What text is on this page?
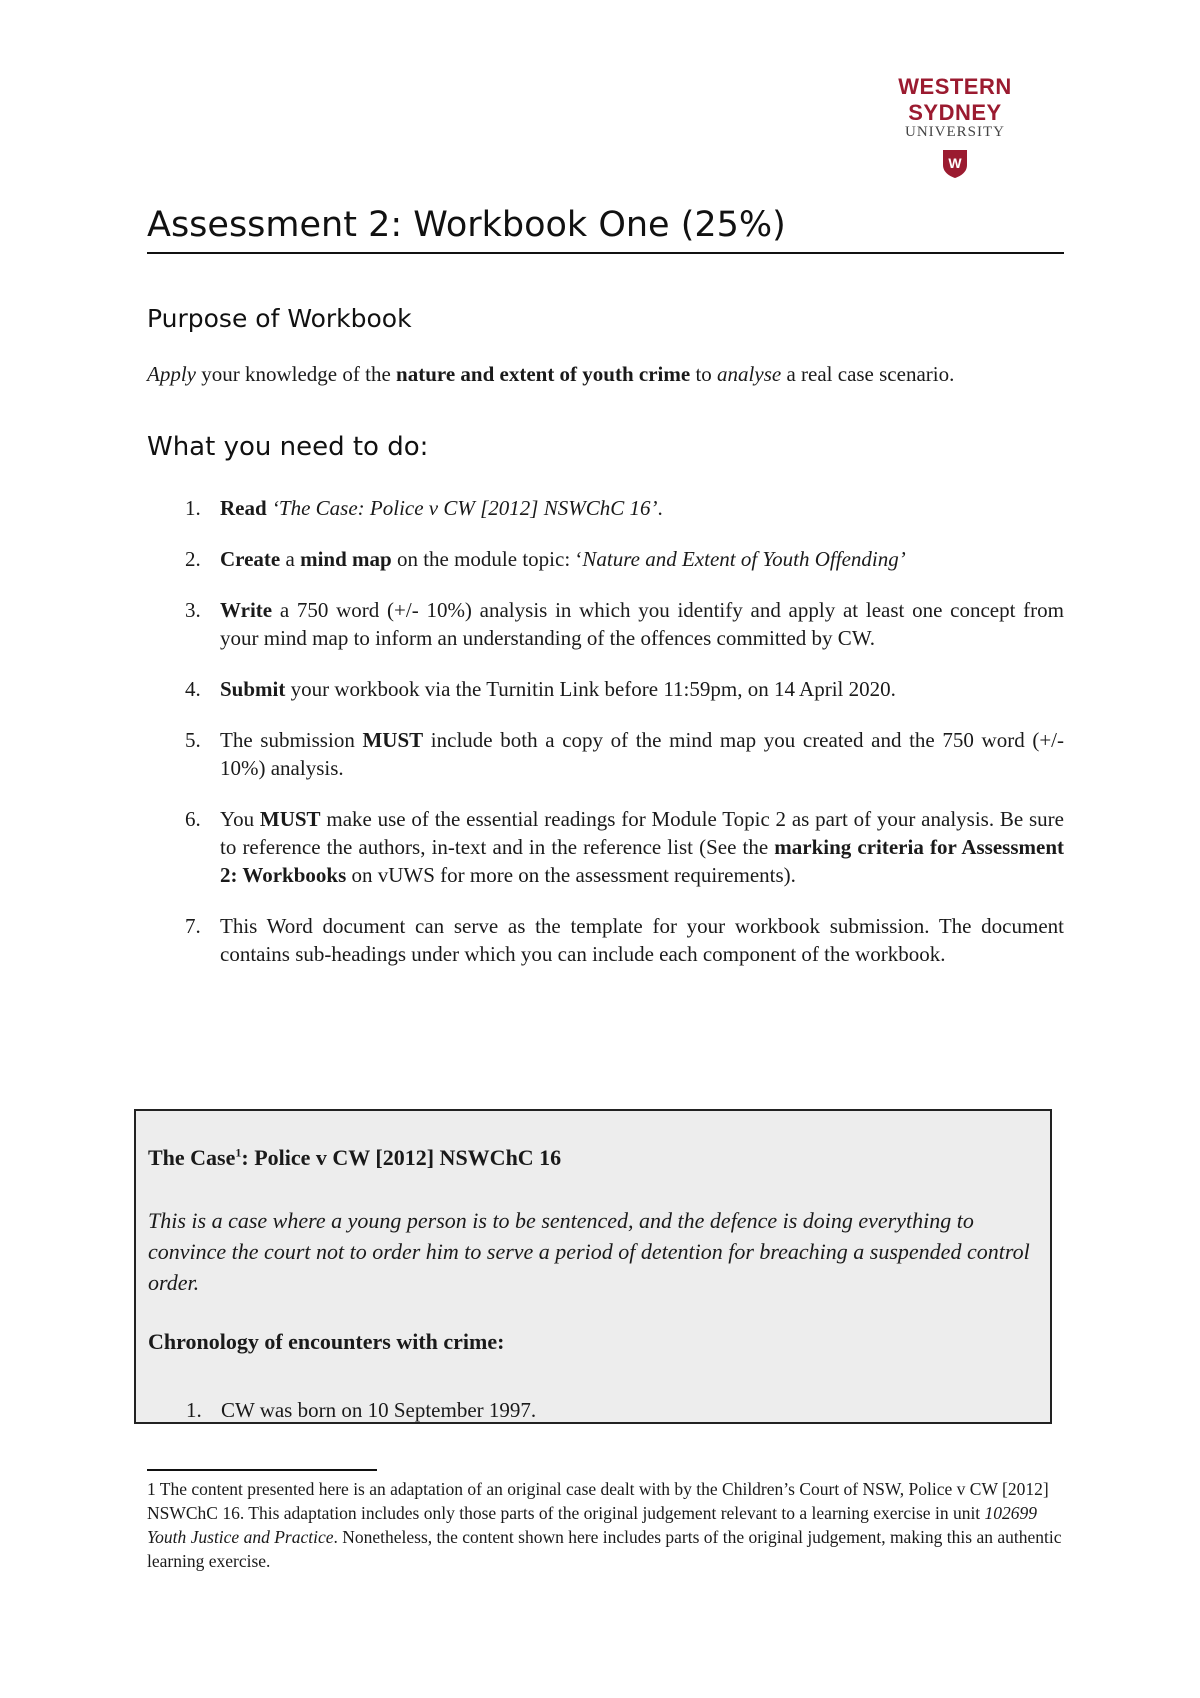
WESTERN SYDNEY
UNIVERSITY
W
Assessment 2: Workbook One (25%)
Purpose of Workbook
Apply your knowledge of the nature and extent of youth crime to analyse a real case scenario.
What you need to do:
1. Read ‘The Case: Police v CW [2012] NSWChC 16’.
2. Create a mind map on the module topic: ‘Nature and Extent of Youth Offending’
3. Write a 750 word (+/- 10%) analysis in which you identify and apply at least one concept from your mind map to inform an understanding of the offences committed by CW.
4. Submit your workbook via the Turnitin Link before 11:59pm, on 14 April 2020.
5. The submission MUST include both a copy of the mind map you created and the 750 word (+/- 10%) analysis.
6. You MUST make use of the essential readings for Module Topic 2 as part of your analysis. Be sure to reference the authors, in-text and in the reference list (See the marking criteria for Assessment 2: Workbooks on vUWS for more on the assessment requirements).
7. This Word document can serve as the template for your workbook submission. The document contains sub-headings under which you can include each component of the workbook.
The Case$^1$: Police v CW [2012] NSWChC 16
This is a case where a young person is to be sentenced, and the defence is doing everything to convince the court not to order him to serve a period of detention for breaching a suspended control order.
Chronology of encounters with crime:
1. CW was born on 10 September 1997.
1 The content presented here is an adaptation of an original case dealt with by the Children’s Court of NSW, Police v CW [2012] NSWChC 16. This adaptation includes only those parts of the original judgement relevant to a learning exercise in unit 102699 Youth Justice and Practice. Nonetheless, the content shown here includes parts of the original judgement, making this an authentic learning exercise.
